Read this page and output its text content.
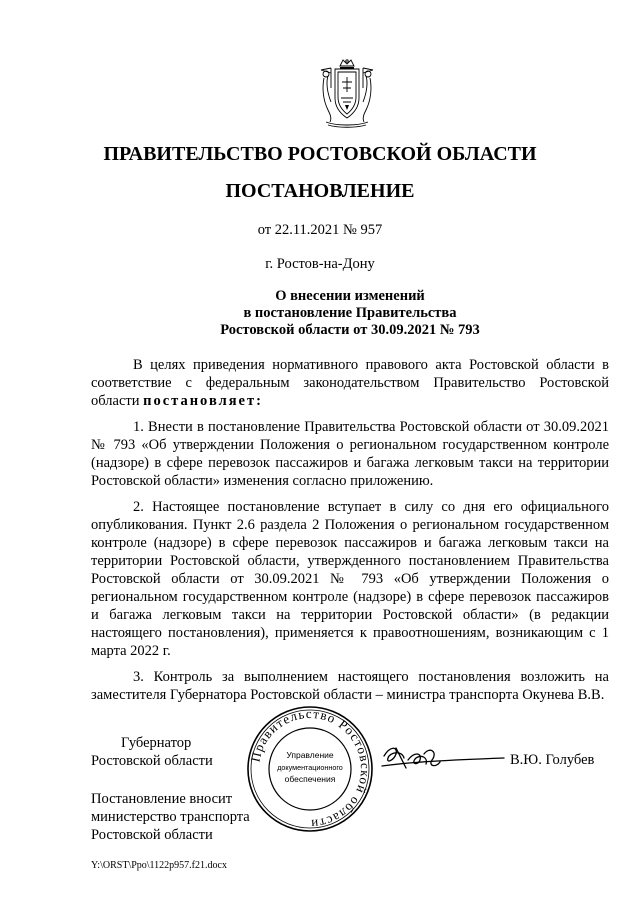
ПРАВИТЕЛЬСТВО РОСТОВСКОЙ ОБЛАСТИ
ПОСТАНОВЛЕНИЕ
от 22.11.2021 № 957
г. Ростов-на-Дону
О внесении изменений
в постановление Правительства
Ростовской области от 30.09.2021 № 793

В целях приведения нормативного правового акта Ростовской области в соответствие с федеральным законодательством Правительство Ростовской области постановляет:

1. Внести в постановление Правительства Ростовской области от 30.09.2021 № 793 «Об утверждении Положения о региональном государственном контроле (надзоре) в сфере перевозок пассажиров и багажа легковым такси на территории Ростовской области» изменения согласно приложению.

2. Настоящее постановление вступает в силу со дня его официального опубликования. Пункт 2.6 раздела 2 Положения о региональном государственном контроле (надзоре) в сфере перевозок пассажиров и багажа легковым такси на территории Ростовской области, утвержденного постановлением Правительства Ростовской области от 30.09.2021 № 793 «Об утверждении Положения о региональном государственном контроле (надзоре) в сфере перевозок пассажиров и багажа легковым такси на территории Ростовской области» (в редакции настоящего постановления), применяется к правоотношениям, возникающим с 1 марта 2022 г.

3. Контроль за выполнением настоящего постановления возложить на заместителя Губернатора Ростовской области – министра транспорта Окунева В.В.

Губернатор
Ростовской области	Правительство Ростовской области
Управление
документационного
обеспечения
В.Ю. Голубев
Постановление вносит
министерство транспорта
Ростовской области
Y:\ORST\Ppo\1122p957.f21.docx
